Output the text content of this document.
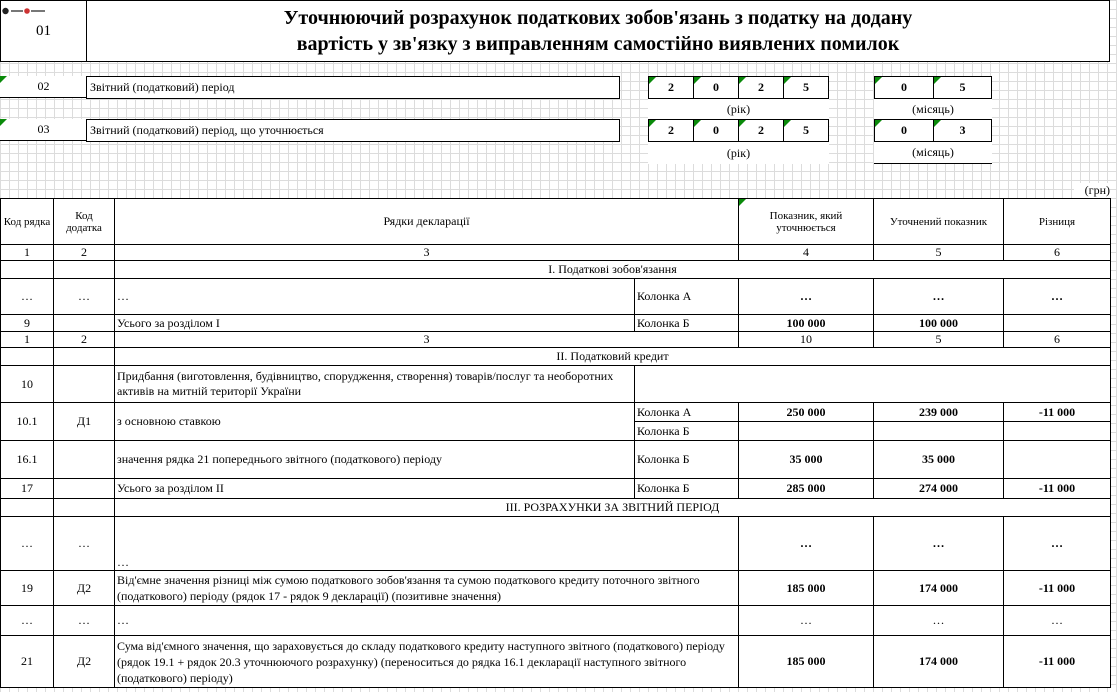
01
Уточнюючий розрахунок податкових зобов'язань з податку на додану
вартість у зв'язку з виправленням самостійно виявлених помилок
02	Звітний (податковий) період	2	0	2	5
(рік)
0	5
(місяць)
03	Звітний (податковий) період, що уточнюється	2	0	2	5
(рік)
0	3
(місяць)
(грн)
Код рядка	Код додатка	Рядки декларації		Показник, який уточнюється	Уточнений показник	Різниця
1	2	3		4	5	6
		I. Податкові зобов'язання				
…	…	…	Колонка А	…	…	…
9		Усього за розділом I	Колонка Б	100 000	100 000	
1	2	3		10	5	6
		II. Податковий кредит				
10		Придбання (виготовлення, будівництво, спорудження, створення) товарів/послуг та необоротних активів на митній території України				
10.1	Д1	з основною ставкою	Колонка А	250 000	239 000	-11 000
			Колонка Б			
16.1		значення рядка 21 попереднього звітного (податкового) періоду	Колонка Б	35 000	35 000	
17		Усього за розділом II	Колонка Б	285 000	274 000	-11 000
		III. РОЗРАХУНКИ ЗА ЗВІТНИЙ ПЕРІОД				
…	…	…		…	…	…
19	Д2	Від'ємне значення різниці між сумою податкового зобов'язання та сумою податкового кредиту поточного звітного (податкового) періоду (рядок 17 - рядок 9 декларації) (позитивне значення)		185 000	174 000	-11 000
…	…	…		…	…	…
21	Д2	Сума від'ємного значення, що зараховується до складу податкового кредиту наступного звітного (податкового) періоду (рядок 19.1 + рядок 20.3 уточнюючого розрахунку) (переноситься до рядка 16.1 декларації наступного звітного (податкового) періоду)		185 000	174 000	-11 000
